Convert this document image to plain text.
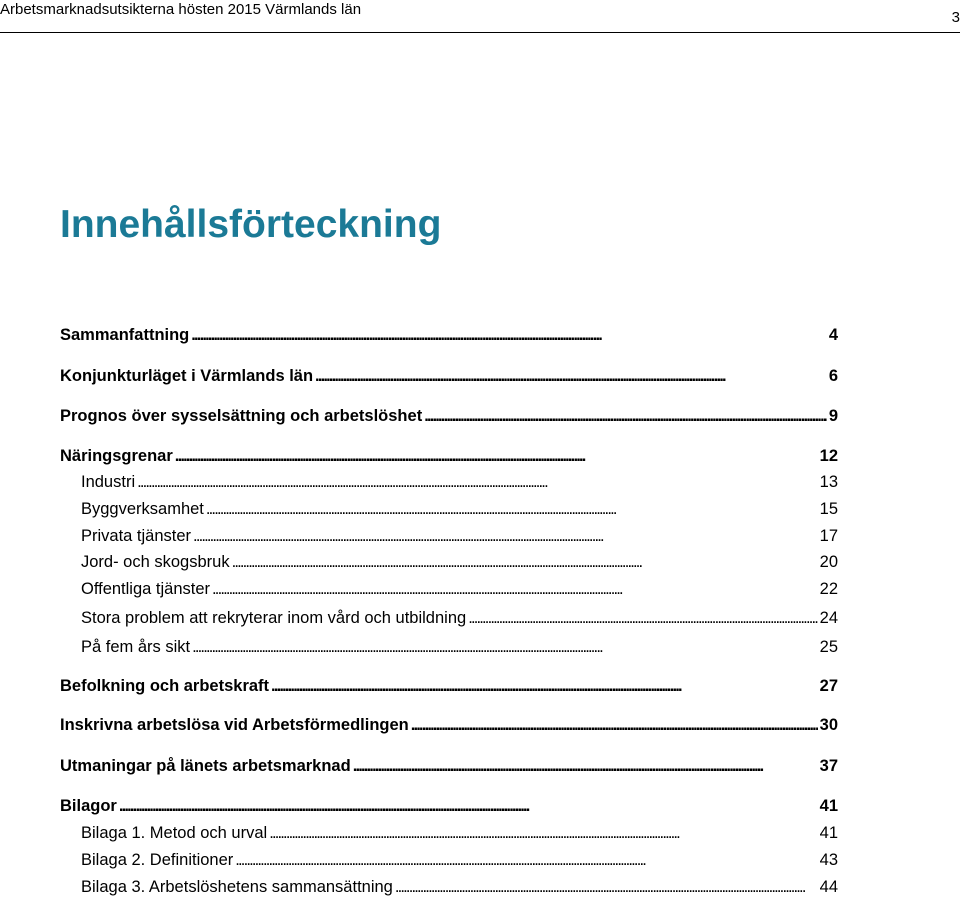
Arbetsmarknadsutsikterna hösten 2015 Värmlands län	3
Innehållsförteckning
Sammanfattning . . .	4
Konjunkturläget i Värmlands län . . .	6
Prognos över sysselsättning och arbetslöshet . . .	9
Näringsgrenar . . .	12
Industri . . .	13
Byggverksamhet . . .	15
Privata tjänster . . .	17
Jord- och skogsbruk . . .	20
Offentliga tjänster . . .	22
Stora problem att rekryterar inom vård och utbildning . . .	24
På fem års sikt . . .	25
Befolkning och arbetskraft . . .	27
Inskrivna arbetslösa vid Arbetsförmedlingen . . .	30
Utmaningar på länets arbetsmarknad . . .	37
Bilagor . . .	41
Bilaga 1. Metod och urval . . .	41
Bilaga 2. Definitioner . . .	43
Bilaga 3. Arbetslöshetens sammansättning . . .	44
